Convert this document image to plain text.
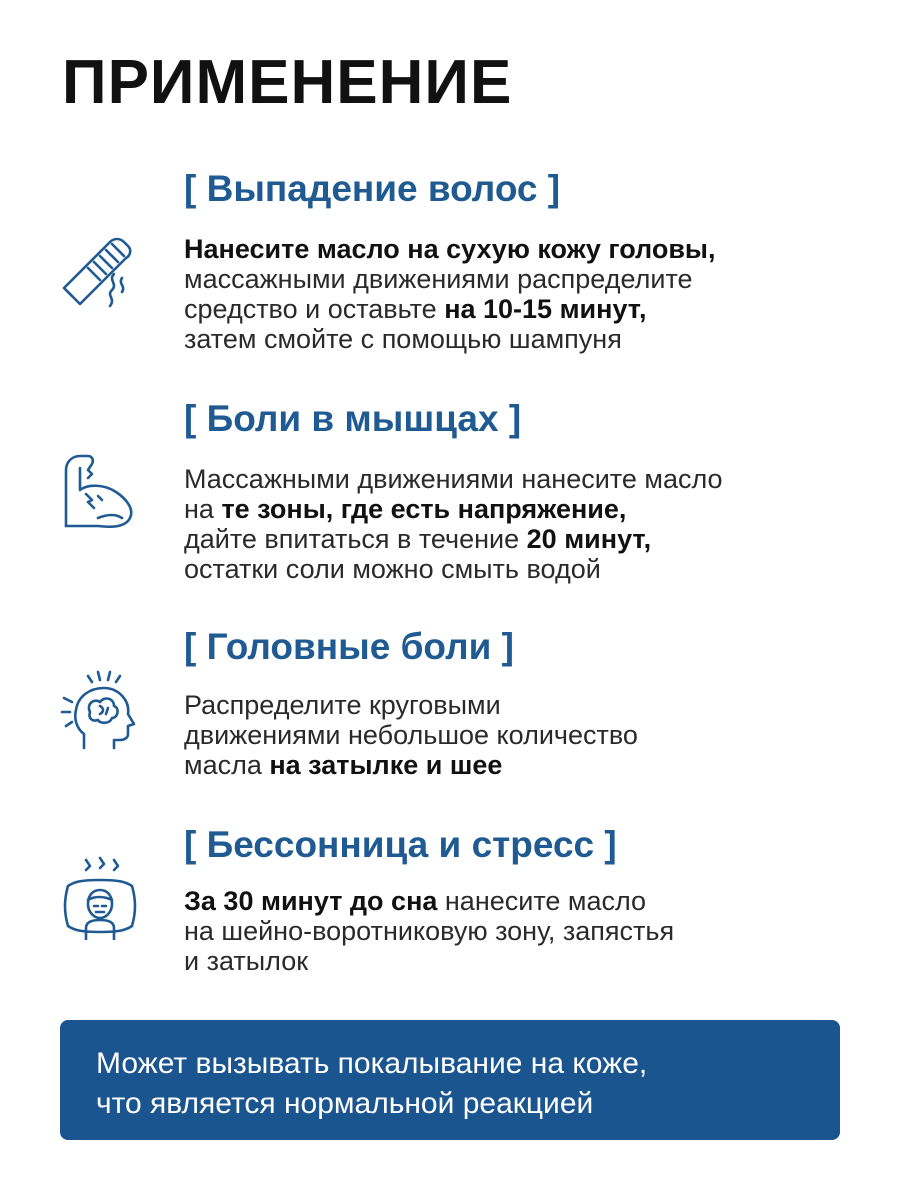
ПРИМЕНЕНИЕ
[ Выпадение волос ]
Нанесите масло на сухую кожу головы,
массажными движениями распределите
средство и оставьте на 10-15 минут,
затем смойте с помощью шампуня
[ Боли в мышцах ]
Массажными движениями нанесите масло
на те зоны, где есть напряжение,
дайте впитаться в течение 20 минут,
остатки соли можно смыть водой
[ Головные боли ]
Распределите круговыми
движениями небольшое количество
масла на затылке и шее
[ Бессонница и стресс ]
За 30 минут до сна нанесите масло
на шейно-воротниковую зону, запястья
и затылок
Может вызывать покалывание на коже,
что является нормальной реакцией
